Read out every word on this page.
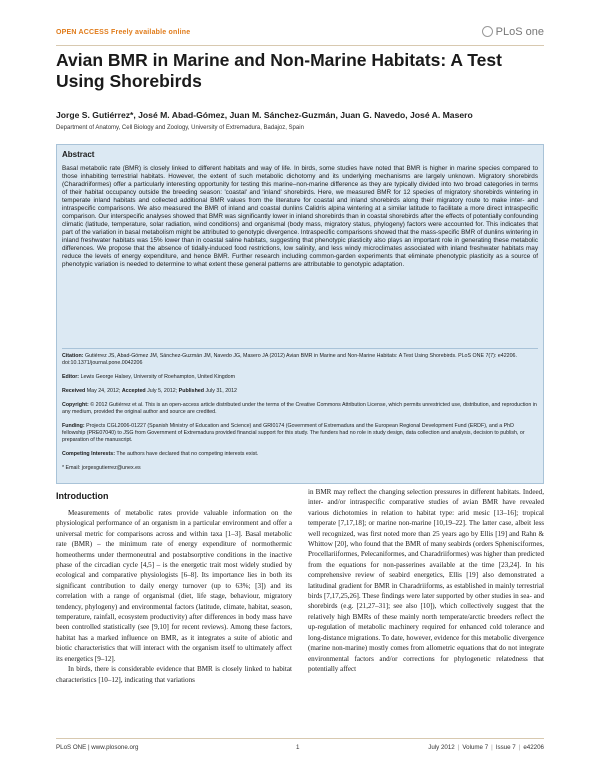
OPEN ACCESS Freely available online	PLoS one
Avian BMR in Marine and Non-Marine Habitats: A Test Using Shorebirds
Jorge S. Gutiérrez*, José M. Abad-Gómez, Juan M. Sánchez-Guzmán, Juan G. Navedo, José A. Masero
Department of Anatomy, Cell Biology and Zoology, University of Extremadura, Badajoz, Spain
Abstract

Basal metabolic rate (BMR) is closely linked to different habitats and way of life. In birds, some studies have noted that BMR is higher in marine species compared to those inhabiting terrestrial habitats. However, the extent of such metabolic dichotomy and its underlying mechanisms are largely unknown. Migratory shorebirds (Charadriiformes) offer a particularly interesting opportunity for testing this marine–non-marine difference as they are typically divided into two broad categories in terms of their habitat occupancy outside the breeding season: 'coastal' and 'inland' shorebirds. Here, we measured BMR for 12 species of migratory shorebirds wintering in temperate inland habitats and collected additional BMR values from the literature for coastal and inland shorebirds along their migratory route to make inter- and intraspecific comparisons. We also measured the BMR of inland and coastal dunlins Calidris alpina wintering at a similar latitude to facilitate a more direct intraspecific comparison. Our interspecific analyses showed that BMR was significantly lower in inland shorebirds than in coastal shorebirds after the effects of potentially confounding climatic (latitude, temperature, solar radiation, wind conditions) and organismal (body mass, migratory status, phylogeny) factors were accounted for. This indicates that part of the variation in basal metabolism might be attributed to genotypic divergence. Intraspecific comparisons showed that the mass-specific BMR of dunlins wintering in inland freshwater habitats was 15% lower than in coastal saline habitats, suggesting that phenotypic plasticity also plays an important role in generating these metabolic differences. We propose that the absence of tidally-induced food restrictions, low salinity, and less windy microclimates associated with inland freshwater habitats may reduce the levels of energy expenditure, and hence BMR. Further research including common-garden experiments that eliminate phenotypic plasticity as a source of phenotypic variation is needed to determine to what extent these general patterns are attributable to genotypic adaptation.

Citation: Gutiérrez JS, Abad-Gómez JM, Sánchez-Guzmán JM, Navedo JG, Masero JA (2012) Avian BMR in Marine and Non-Marine Habitats: A Test Using Shorebirds. PLoS ONE 7(7): e42206. doi:10.1371/journal.pone.0042206

Editor: Lewis George Halsey, University of Roehampton, United Kingdom

Received May 24, 2012; Accepted July 5, 2012; Published July 31, 2012

Copyright: © 2012 Gutiérrez et al. This is an open-access article distributed under the terms of the Creative Commons Attribution License, which permits unrestricted use, distribution, and reproduction in any medium, provided the original author and source are credited.

Funding: Projects CGL2006-01227 (Spanish Ministry of Education and Science) and GRI0174 (Government of Extremadura and the European Regional Development Fund (ERDF), and a PhD fellowship (PRE07040) to JSG from Government of Extremadura provided financial support for this study. The funders had no role in study design, data collection and analysis, decision to publish, or preparation of the manuscript.

Competing Interests: The authors have declared that no competing interests exist.

* Email: jorgesgutierrez@unex.es

Introduction

Measurements of metabolic rates provide valuable information on the physiological performance of an organism in a particular environment and offer a universal metric for comparisons across and within taxa [1–3]. Basal metabolic rate (BMR) – the minimum rate of energy expenditure of normothermic homeotherms under thermoneutral and postabsorptive conditions in the inactive phase of the circadian cycle [4,5] – is the energetic trait most widely studied by ecological and comparative physiologists [6–8]. Its importance lies in both its significant contribution to daily energy turnover (up to 63%; [3]) and its correlation with a range of organismal (diet, life stage, behaviour, migratory tendency, phylogeny) and environmental factors (latitude, climate, habitat, season, temperature, rainfall, ecosystem productivity) after differences in body mass have been controlled statistically (see [9,10] for recent reviews). Among these factors, habitat has a marked influence on BMR, as it integrates a suite of abiotic and biotic characteristics that will interact with the organism itself to ultimately affect its energetics [9–12].

In birds, there is considerable evidence that BMR is closely linked to habitat characteristics [10–12], indicating that variations

in BMR may reflect the changing selection pressures in different habitats. Indeed, inter- and/or intraspecific comparative studies of avian BMR have revealed various dichotomies in relation to habitat type: arid mesic [13–16]; tropical temperate [7,17,18]; or marine non-marine [10,19–22]. The latter case, albeit less well recognized, was first noted more than 25 years ago by Ellis [19] and Rahn & Whittow [20], who found that the BMR of many seabirds (orders Sphenisciformes, Procellariiformes, Pelecaniformes, and Charadriiformes) was higher than predicted from the equations for non-passerines available at the time [23,24]. In his comprehensive review of seabird energetics, Ellis [19] also demonstrated a latitudinal gradient for BMR in Charadriiforms, as established in mainly terrestrial birds [7,17,25,26]. These findings were later supported by other studies in sea- and shorebirds (e.g. [21,27–31]; see also [10]), which collectively suggest that the relatively high BMRs of these mainly north temperate/arctic breeders reflect the up-regulation of metabolic machinery required for enhanced cold tolerance and long-distance migrations. To date, however, evidence for this metabolic divergence (marine non-marine) mostly comes from allometric equations that do not integrate environmental factors and/or corrections for phylogenetic relatedness that potentially affect

PLoS ONE | www.plosone.org	1	July 2012 | Volume 7 | Issue 7 | e42206
